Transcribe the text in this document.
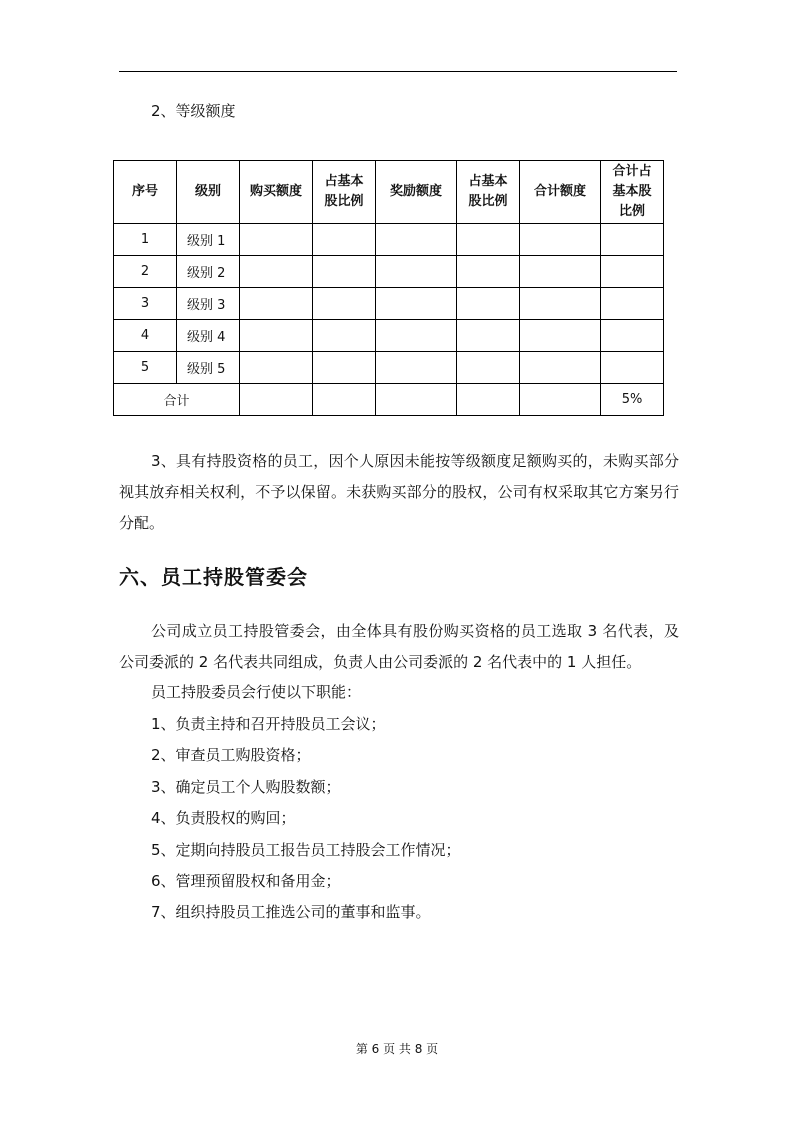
2、等级额度
序号	级别	购买额度	占基本股比例	奖励额度	占基本股比例	合计额度	合计占基本股比例
1	级别 1						
2	级别 2						
3	级别 3						
4	级别 4						
5	级别 5						
合计							5%

3、具有持股资格的员工，因个人原因未能按等级额度足额购买的，未购买部分视其放弃相关权利，不予以保留。未获购买部分的股权，公司有权采取其它方案另行分配。

六、员工持股管委会

公司成立员工持股管委会，由全体具有股份购买资格的员工选取 3 名代表，及公司委派的 2 名代表共同组成，负责人由公司委派的 2 名代表中的 1 人担任。

员工持股委员会行使以下职能：
1、负责主持和召开持股员工会议；
2、审查员工购股资格；
3、确定员工个人购股数额；
4、负责股权的购回；
5、定期向持股员工报告员工持股会工作情况；
6、管理预留股权和备用金；
7、组织持股员工推选公司的董事和监事。
第 6 页 共 8 页
